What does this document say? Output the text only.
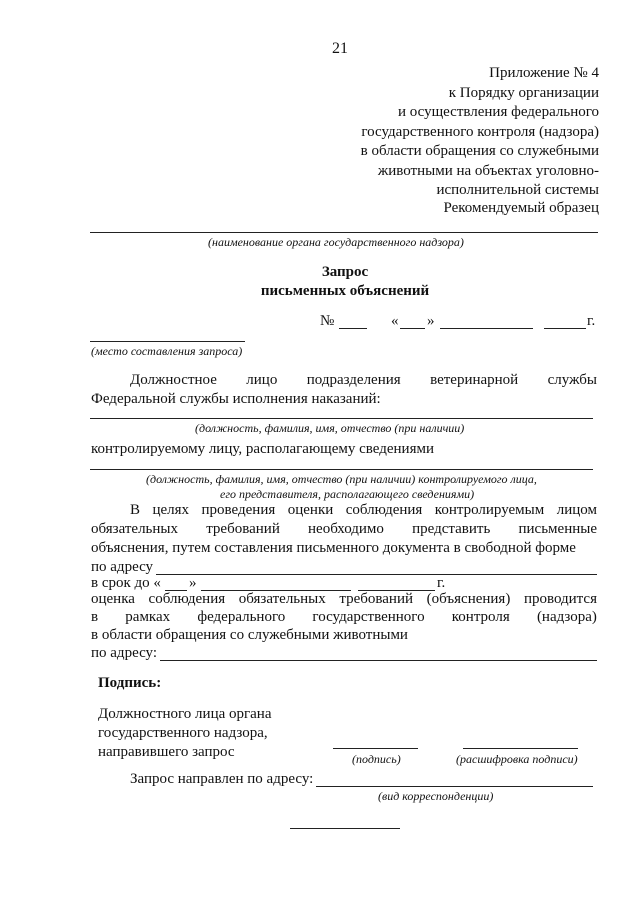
21
Приложение № 4
к Порядку организации
и осуществления федерального
государственного контроля (надзора)
в области обращения со служебными
животными на объектах уголовно-
исполнительной системы
Рекомендуемый образец
(наименование органа государственного надзора)
Запрос
письменных объяснений
№	« »	г.
(место составления запроса)
Должностное лицо подразделения ветеринарной службы
Федеральной службы исполнения наказаний:
(должность, фамилия, имя, отчество (при наличии)
контролируемому лицу, располагающему сведениями
(должность, фамилия, имя, отчество (при наличии) контролируемого лица,
его представителя, располагающего сведениями)
В целях проведения оценки соблюдения контролируемым лицом
обязательных требований необходимо представить письменные
объяснения, путем составления письменного документа в свободной форме
по адресу
в срок до « »	г.
оценка соблюдения обязательных требований (объяснения) проводится
в рамках федерального государственного контроля (надзора)
в области обращения со служебными животными
по адресу:
Подпись:
Должностного лица органа
государственного надзора,
направившего запрос	(подпись)	(расшифровка подписи)
Запрос направлен по адресу:
(вид корреспонденции)
